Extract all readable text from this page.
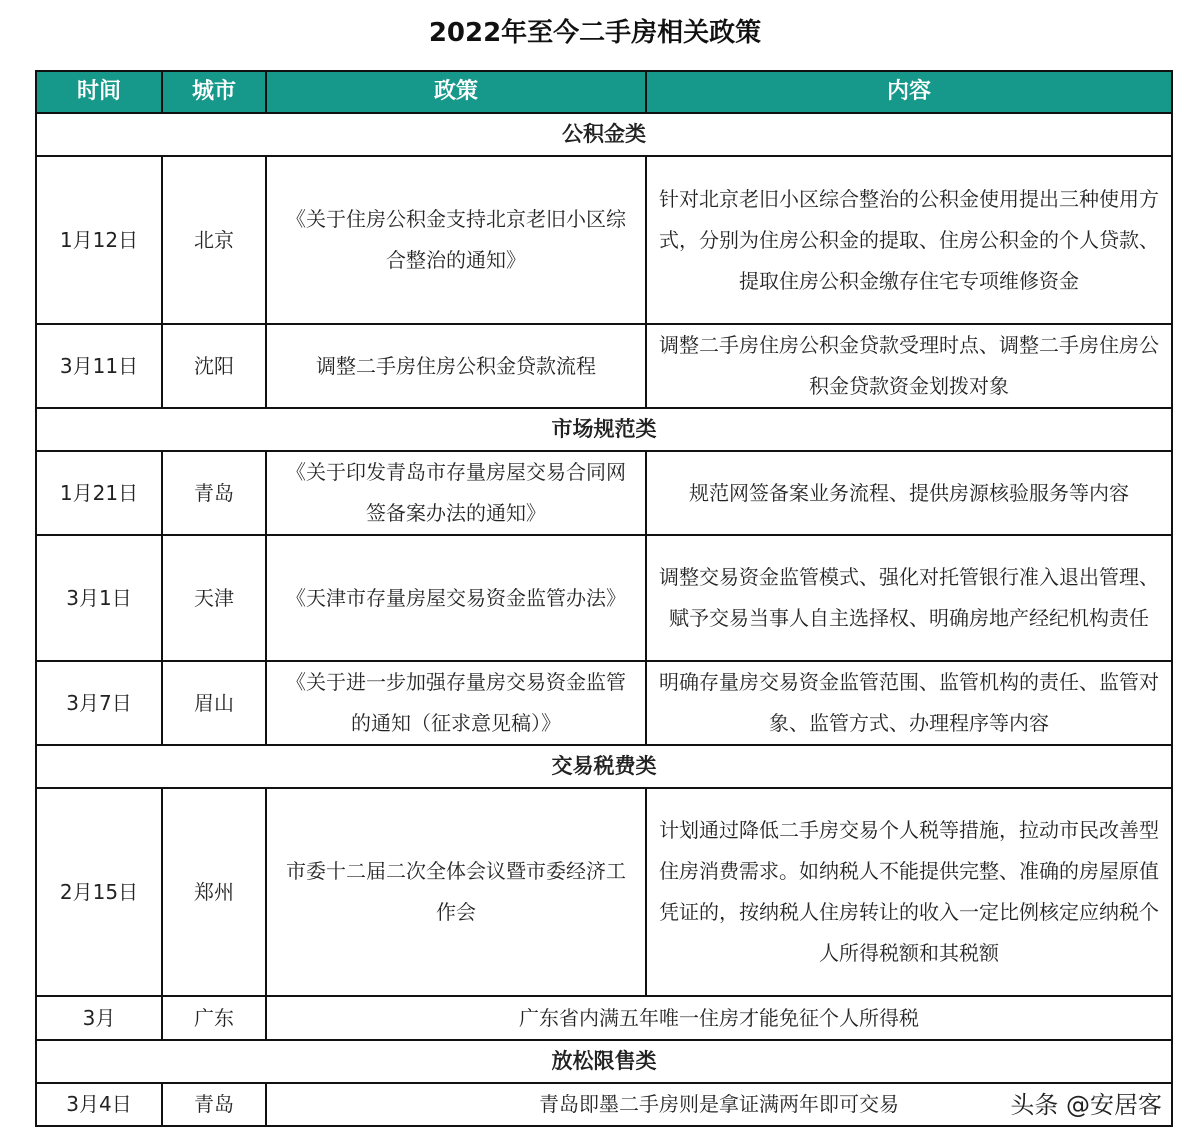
2022年至今二手房相关政策
时间	城市	政策	内容
公积金类			
1月12日	北京	《关于住房公积金支持北京老旧小区综合整治的通知》	针对北京老旧小区综合整治的公积金使用提出三种使用方式，分别为住房公积金的提取、住房公积金的个人贷款、提取住房公积金缴存住宅专项维修资金
3月11日	沈阳	调整二手房住房公积金贷款流程	调整二手房住房公积金贷款受理时点、调整二手房住房公积金贷款资金划拨对象
市场规范类			
1月21日	青岛	《关于印发青岛市存量房屋交易合同网签备案办法的通知》	规范网签备案业务流程、提供房源核验服务等内容
3月1日	天津	《天津市存量房屋交易资金监管办法》	调整交易资金监管模式、强化对托管银行准入退出管理、赋予交易当事人自主选择权、明确房地产经纪机构责任
3月7日	眉山	《关于进一步加强存量房交易资金监管的通知（征求意见稿）》	明确存量房交易资金监管范围、监管机构的责任、监管对象、监管方式、办理程序等内容
交易税费类			
2月15日	郑州	市委十二届二次全体会议暨市委经济工作会	计划通过降低二手房交易个人税等措施，拉动市民改善型住房消费需求。如纳税人不能提供完整、准确的房屋原值凭证的，按纳税人住房转让的收入一定比例核定应纳税个人所得税额和其税额
3月	广东	广东省内满五年唯一住房才能免征个人所得税	
放松限售类			
3月4日	青岛	青岛即墨二手房则是拿证满两年即可交易		头条 @安居客
